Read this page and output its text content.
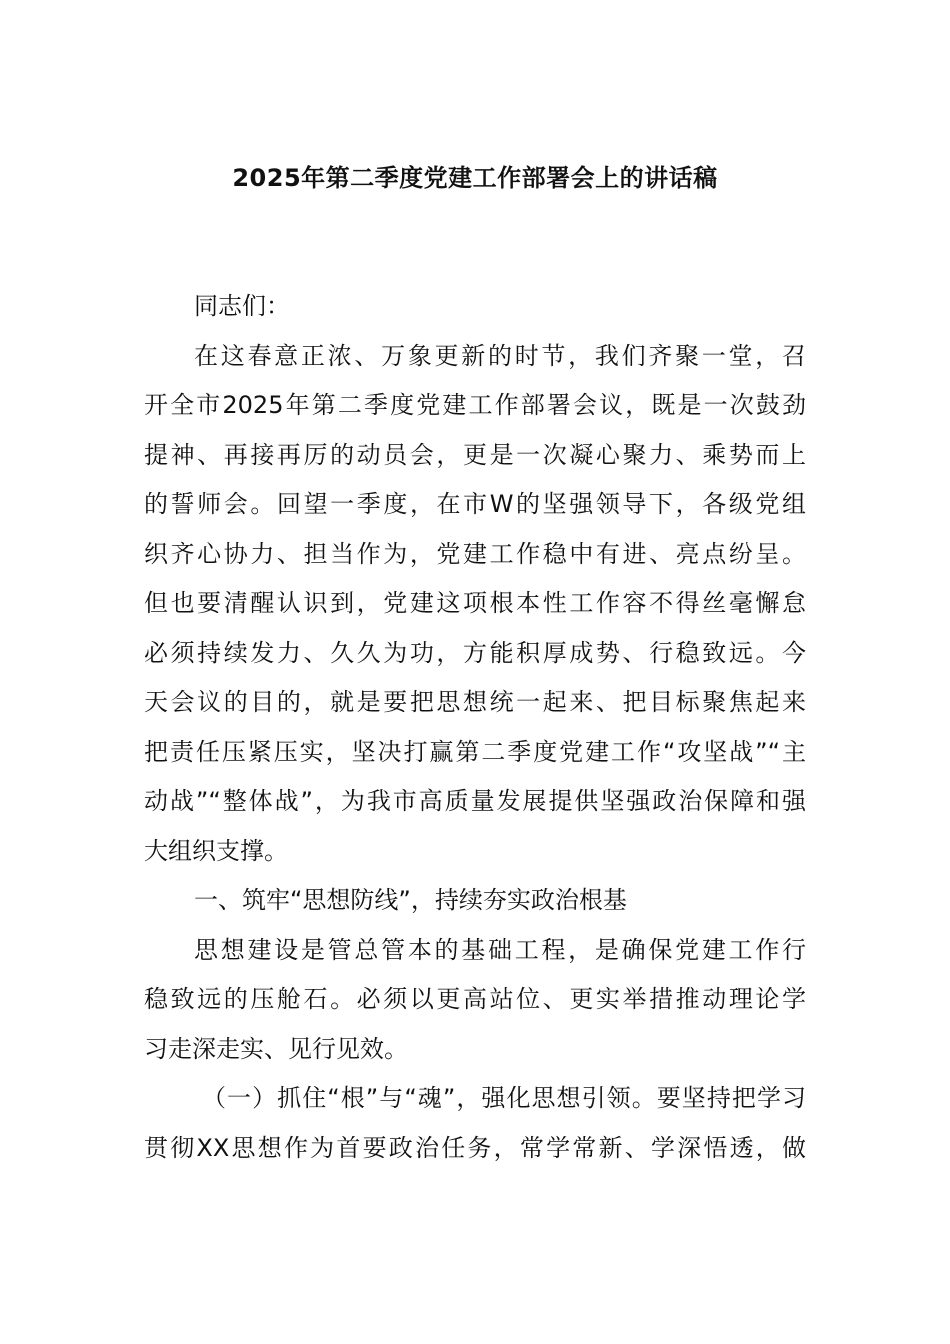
2025年第二季度党建工作部署会上的讲话稿
同志们：
在这春意正浓、万象更新的时节，我们齐聚一堂，召
开全市2025年第二季度党建工作部署会议，既是一次鼓劲
提神、再接再厉的动员会，更是一次凝心聚力、乘势而上
的誓师会。回望一季度，在市W的坚强领导下，各级党组
织齐心协力、担当作为，党建工作稳中有进、亮点纷呈。
但也要清醒认识到，党建这项根本性工作容不得丝毫懈怠
必须持续发力、久久为功，方能积厚成势、行稳致远。今
天会议的目的，就是要把思想统一起来、把目标聚焦起来
把责任压紧压实，坚决打赢第二季度党建工作“攻坚战”“主
动战”“整体战”，为我市高质量发展提供坚强政治保障和强
大组织支撑。
一、筑牢“思想防线”，持续夯实政治根基
思想建设是管总管本的基础工程，是确保党建工作行
稳致远的压舱石。必须以更高站位、更实举措推动理论学
习走深走实、见行见效。
（一）抓住“根”与“魂”，强化思想引领。要坚持把学习
贯彻XX思想作为首要政治任务，常学常新、学深悟透，做
